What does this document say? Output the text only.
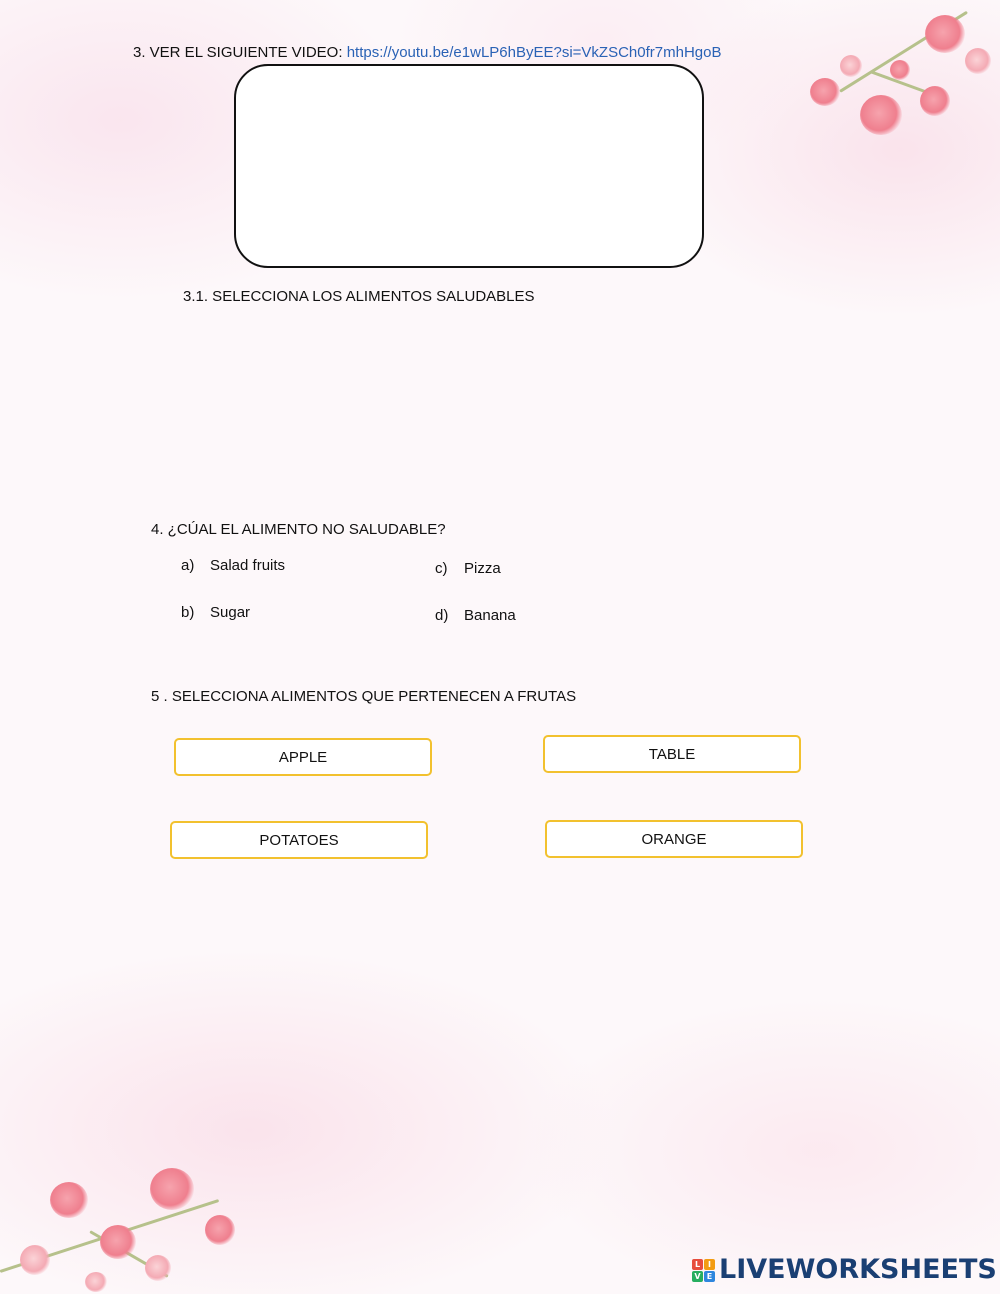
3. VER EL SIGUIENTE VIDEO: https://youtu.be/e1wLP6hByEE?si=VkZSCh0fr7mhHgoB
3.1. SELECCIONA LOS ALIMENTOS SALUDABLES
4. ¿CÚAL EL ALIMENTO NO SALUDABLE?
a) Salad fruits
b) Sugar
c) Pizza
d) Banana
5 . SELECCIONA ALIMENTOS QUE PERTENECEN A FRUTAS
APPLE	TABLE
POTATOES	ORANGE
L I
V E LIVEWORKSHEETS
